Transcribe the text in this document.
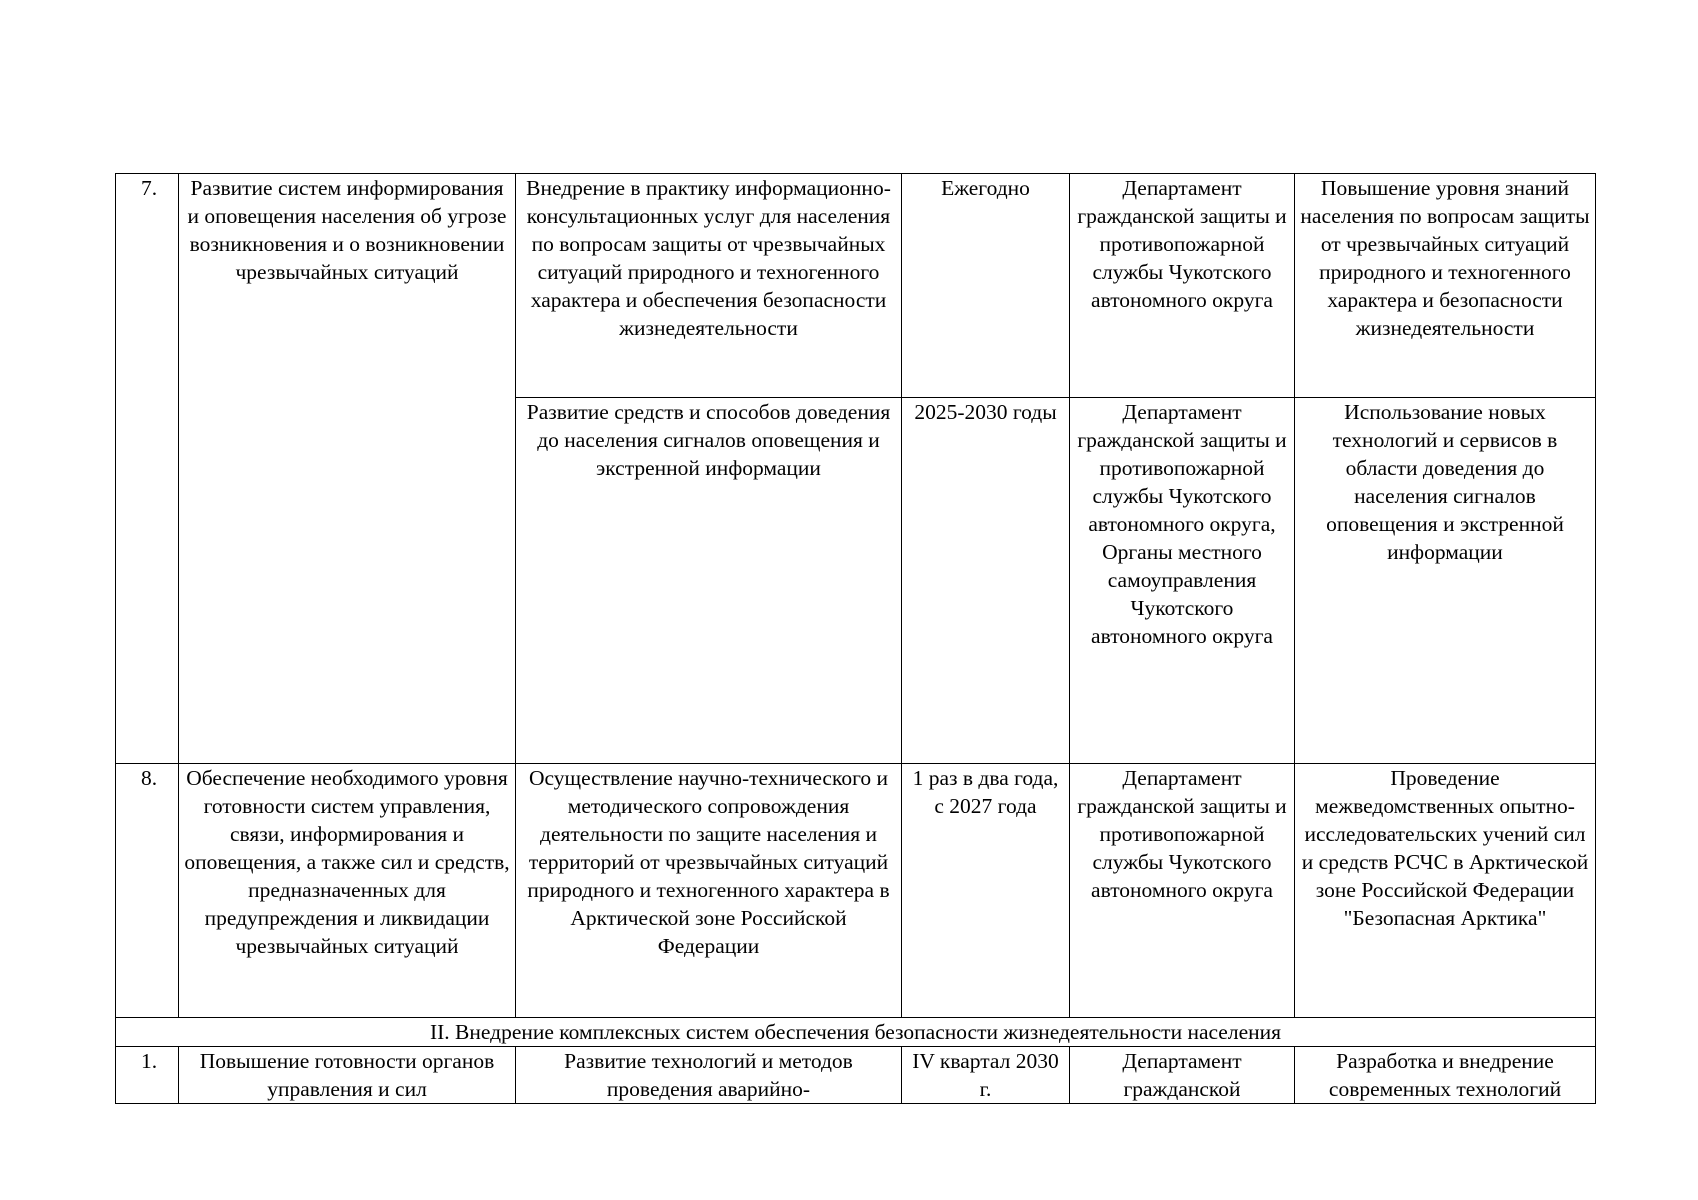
7.	Развитие систем информирования и оповещения населения об угрозе возникновения и о возникновении чрезвычайных ситуаций	Внедрение в практику информационно-консультационных услуг для населения по вопросам защиты от чрезвычайных ситуаций природного и техногенного характера и обеспечения безопасности жизнедеятельности	Ежегодно	Департамент гражданской защиты и противопожарной службы Чукотского автономного округа	Повышение уровня знаний населения по вопросам защиты от чрезвычайных ситуаций природного и техногенного характера и безопасности жизнедеятельности
		Развитие средств и способов доведения до населения сигналов оповещения и экстренной информации	2025-2030 годы	Департамент гражданской защиты и противопожарной службы Чукотского автономного округа, Органы местного самоуправления Чукотского автономного округа	Использование новых технологий и сервисов в области доведения до населения сигналов оповещения и экстренной информации
8.	Обеспечение необходимого уровня готовности систем управления, связи, информирования и оповещения, а также сил и средств, предназначенных для предупреждения и ликвидации чрезвычайных ситуаций	Осуществление научно-технического и методического сопровождения деятельности по защите населения и территорий от чрезвычайных ситуаций природного и техногенного характера в Арктической зоне Российской Федерации	1 раз в два года, с 2027 года	Департамент гражданской защиты и противопожарной службы Чукотского автономного округа	Проведение межведомственных опытно-исследовательских учений сил и средств РСЧС в Арктической зоне Российской Федерации "Безопасная Арктика"
II. Внедрение комплексных систем обеспечения безопасности жизнедеятельности населения					
1.	Повышение готовности органов управления и сил	Развитие технологий и методов проведения аварийно-	IV квартал 2030 г.	Департамент гражданской	Разработка и внедрение современных технологий
